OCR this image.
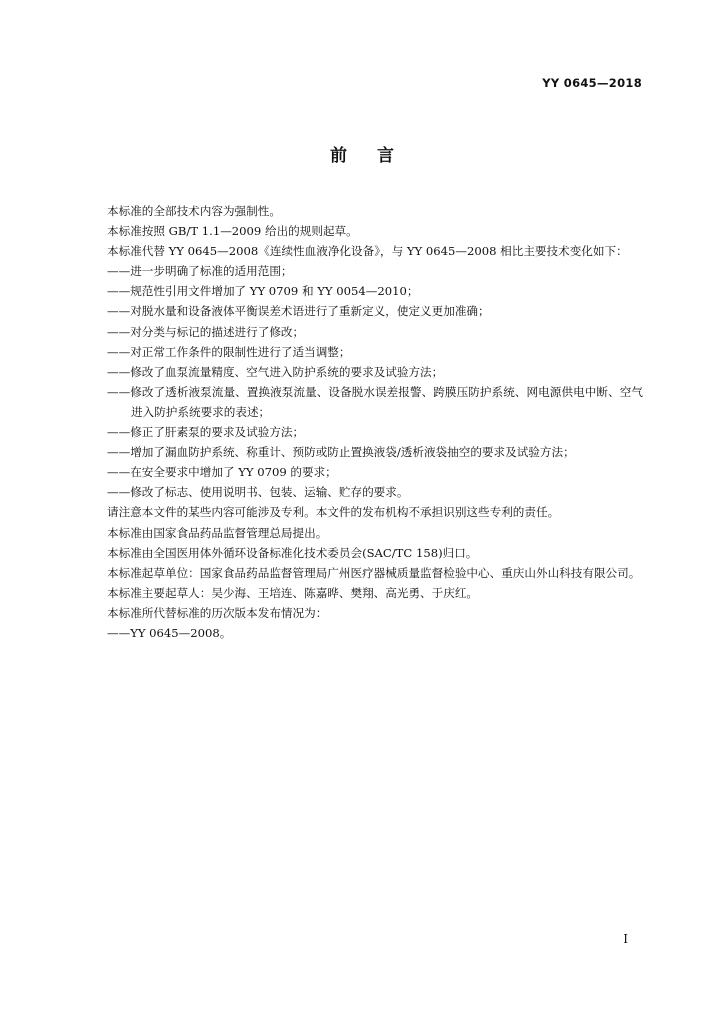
YY 0645—2018
前言

本标准的全部技术内容为强制性。

本标准按照 GB/T 1.1—2009 给出的规则起草。

本标准代替 YY 0645—2008《连续性血液净化设备》，与 YY 0645—2008 相比主要技术变化如下：

——进一步明确了标准的适用范围；

——规范性引用文件增加了 YY 0709 和 YY 0054—2010；

——对脱水量和设备液体平衡误差术语进行了重新定义，使定义更加准确；

——对分类与标记的描述进行了修改；

——对正常工作条件的限制性进行了适当调整；

——修改了血泵流量精度、空气进入防护系统的要求及试验方法；

——修改了透析液泵流量、置换液泵流量、设备脱水误差报警、跨膜压防护系统、网电源供电中断、空气进入防护系统要求的表述；

——修正了肝素泵的要求及试验方法；

——增加了漏血防护系统、称重计、预防或防止置换液袋/透析液袋抽空的要求及试验方法；

——在安全要求中增加了 YY 0709 的要求；

——修改了标志、使用说明书、包装、运输、贮存的要求。

请注意本文件的某些内容可能涉及专利。本文件的发布机构不承担识别这些专利的责任。

本标准由国家食品药品监督管理总局提出。

本标准由全国医用体外循环设备标准化技术委员会(SAC/TC 158)归口。

本标准起草单位：国家食品药品监督管理局广州医疗器械质量监督检验中心、重庆山外山科技有限公司。

本标准主要起草人：吴少海、王培连、陈嘉晔、樊翔、高光勇、于庆红。

本标准所代替标准的历次版本发布情况为：

——YY 0645—2008。

I
